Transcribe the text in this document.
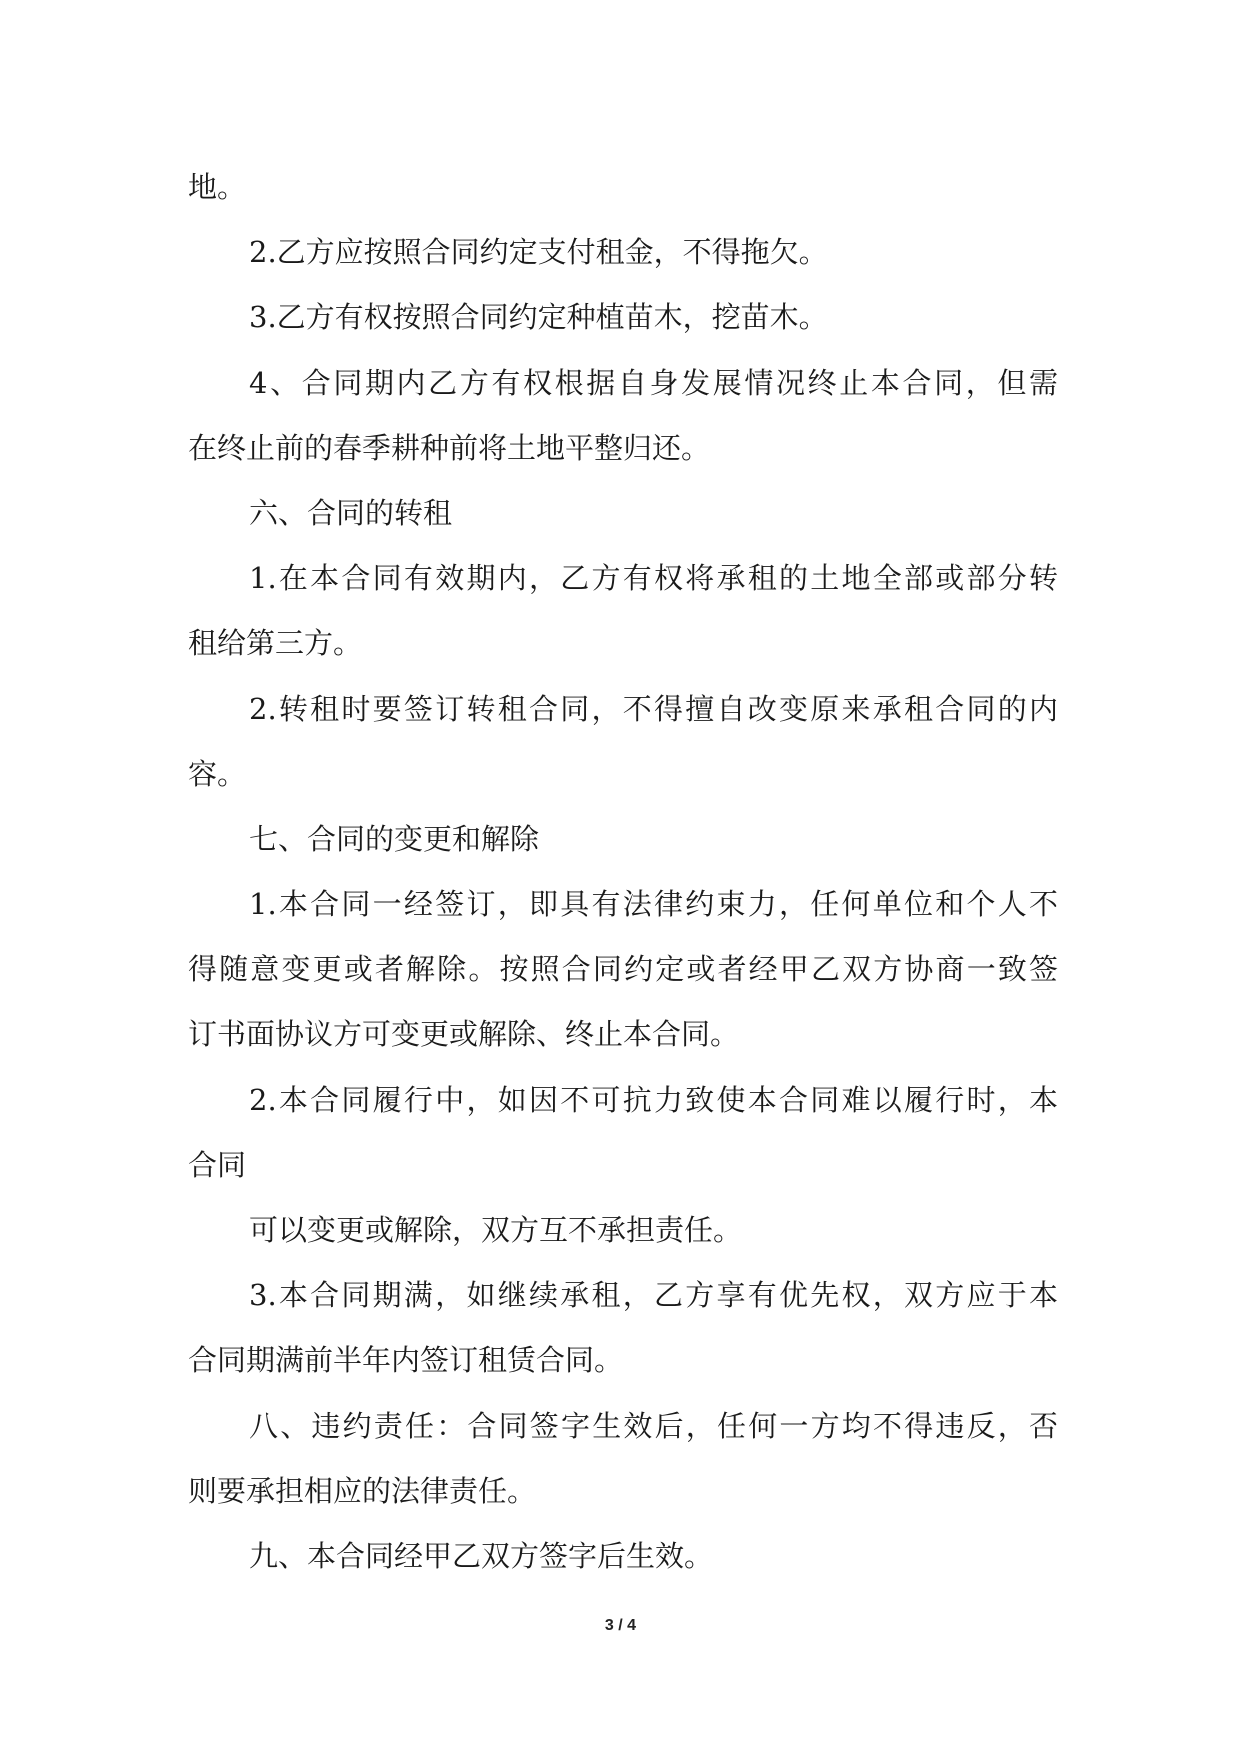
地。

2.乙方应按照合同约定支付租金，不得拖欠。

3.乙方有权按照合同约定种植苗木，挖苗木。

4、合同期内乙方有权根据自身发展情况终止本合同，但需

在终止前的春季耕种前将土地平整归还。

六、合同的转租

1.在本合同有效期内，乙方有权将承租的土地全部或部分转

租给第三方。

2.转租时要签订转租合同，不得擅自改变原来承租合同的内

容。

七、合同的变更和解除

1.本合同一经签订，即具有法律约束力，任何单位和个人不

得随意变更或者解除。按照合同约定或者经甲乙双方协商一致签

订书面协议方可变更或解除、终止本合同。

2.本合同履行中，如因不可抗力致使本合同难以履行时，本

合同

可以变更或解除，双方互不承担责任。

3.本合同期满，如继续承租，乙方享有优先权，双方应于本

合同期满前半年内签订租赁合同。

八、违约责任：合同签字生效后，任何一方均不得违反，否

则要承担相应的法律责任。

九、本合同经甲乙双方签字后生效。

3 / 4
